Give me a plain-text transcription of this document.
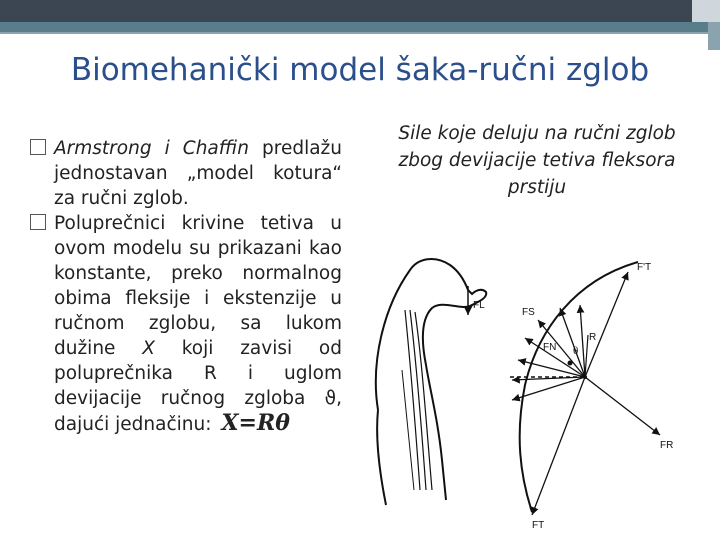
Biomehanički model šaka-ručni zglob
Armstrong i Chaffin predlažu jednostavan „model kotura“ za ručni zglob.
Poluprečnici krivine tetiva u ovom modelu su prikazani kao konstante, preko normalnog obima fleksije i ekstenzije u ručnom zglobu, sa lukom dužine X koji zavisi od poluprečnika R i uglom devijacije ručnog zgloba ϑ, dajući jednačinu: X=Rθ
Sile koje deluju na ručni zglob
zbog devijacije tetiva fleksora
prstiju
F'T
FL
FS
FN
R
θ
FR
FT
